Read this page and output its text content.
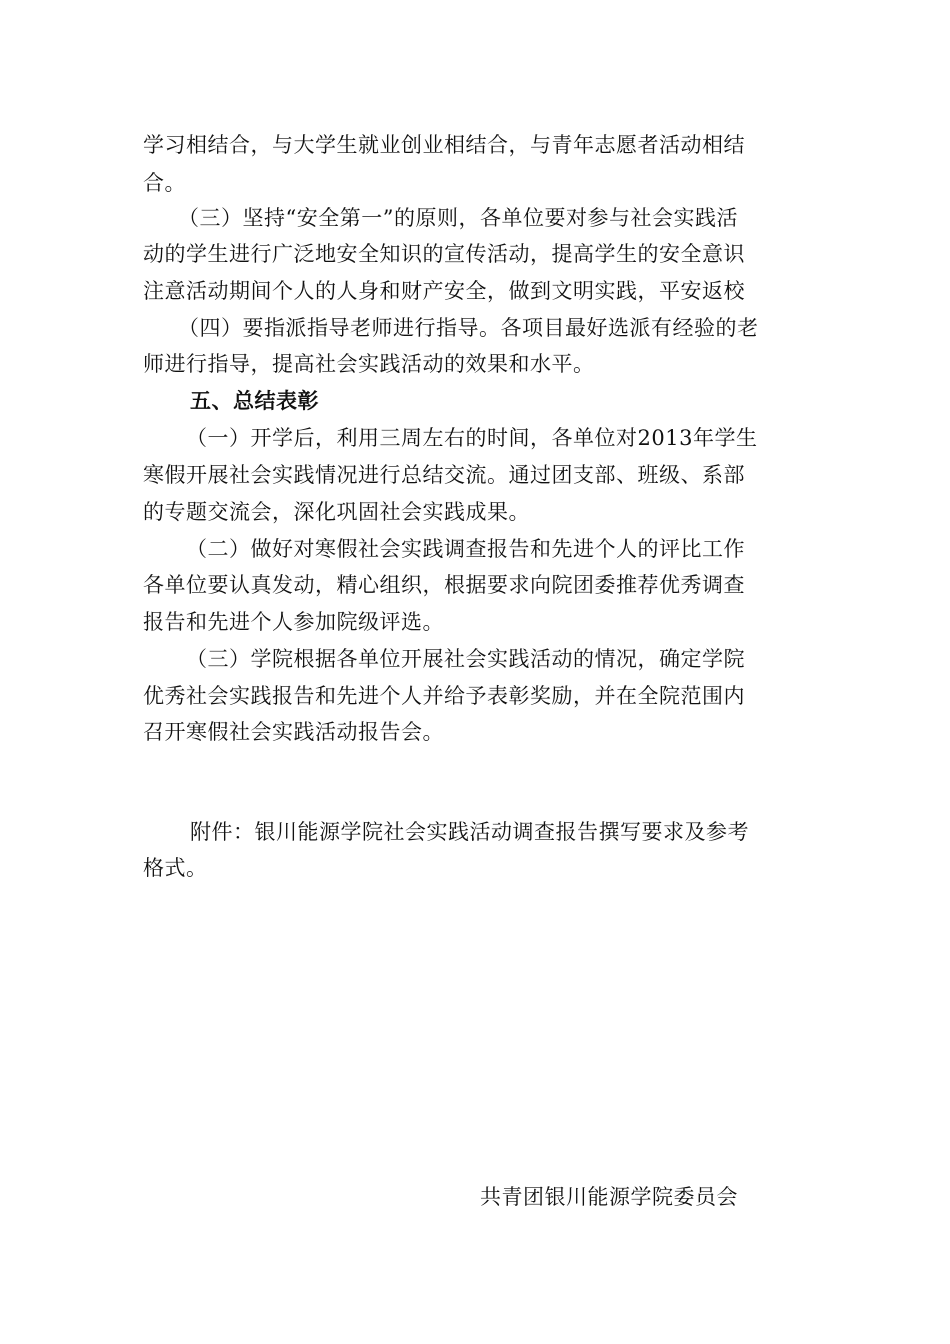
学习相结合，与大学生就业创业相结合，与青年志愿者活动相结
合。
（三）坚持“安全第一”的原则，各单位要对参与社会实践活
动的学生进行广泛地安全知识的宣传活动，提高学生的安全意识
注意活动期间个人的人身和财产安全，做到文明实践，平安返校
（四）要指派指导老师进行指导。各项目最好选派有经验的老
师进行指导，提高社会实践活动的效果和水平。
五、总结表彰
（一）开学后，利用三周左右的时间，各单位对2013年学生
寒假开展社会实践情况进行总结交流。通过团支部、班级、系部
的专题交流会，深化巩固社会实践成果。
（二）做好对寒假社会实践调查报告和先进个人的评比工作
各单位要认真发动，精心组织，根据要求向院团委推荐优秀调查
报告和先进个人参加院级评选。
（三）学院根据各单位开展社会实践活动的情况，确定学院
优秀社会实践报告和先进个人并给予表彰奖励，并在全院范围内
召开寒假社会实践活动报告会。
附件：银川能源学院社会实践活动调查报告撰写要求及参考
格式。
共青团银川能源学院委员会
